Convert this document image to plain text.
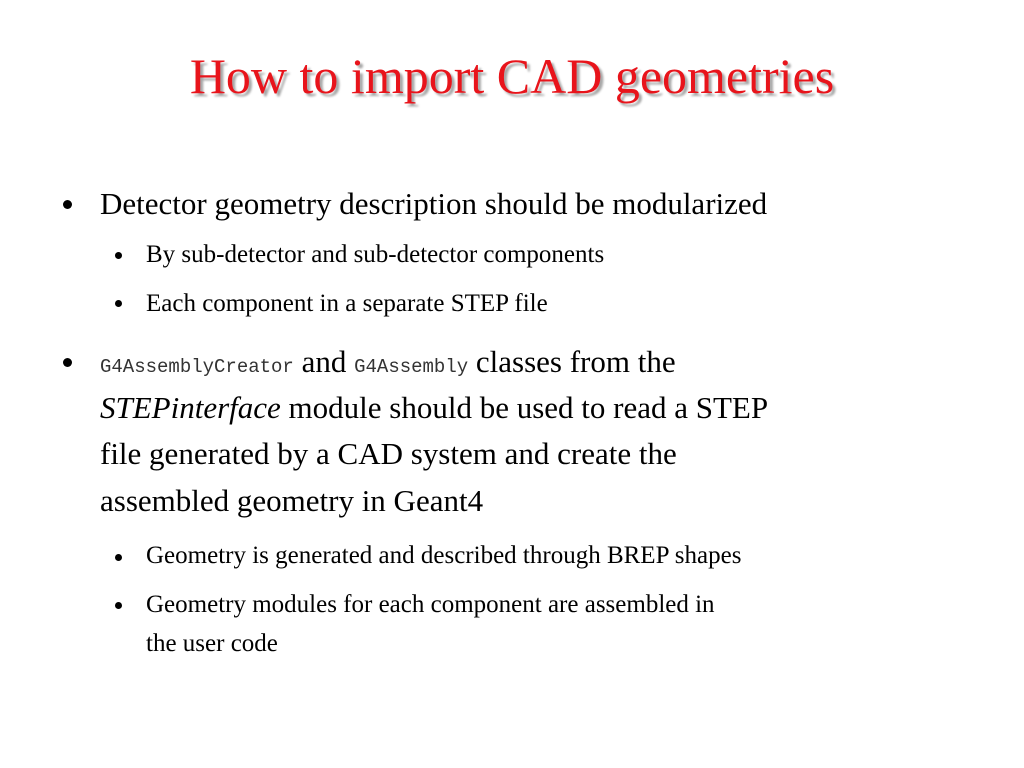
How to import CAD geometries
Detector geometry description should be modularized
By sub-detector and sub-detector components
Each component in a separate STEP file
G4AssemblyCreator and G4Assembly classes from the
STEPinterface module should be used to read a STEP
file generated by a CAD system and create the
assembled geometry in Geant4
Geometry is generated and described through BREP shapes
Geometry modules for each component are assembled in
the user code
